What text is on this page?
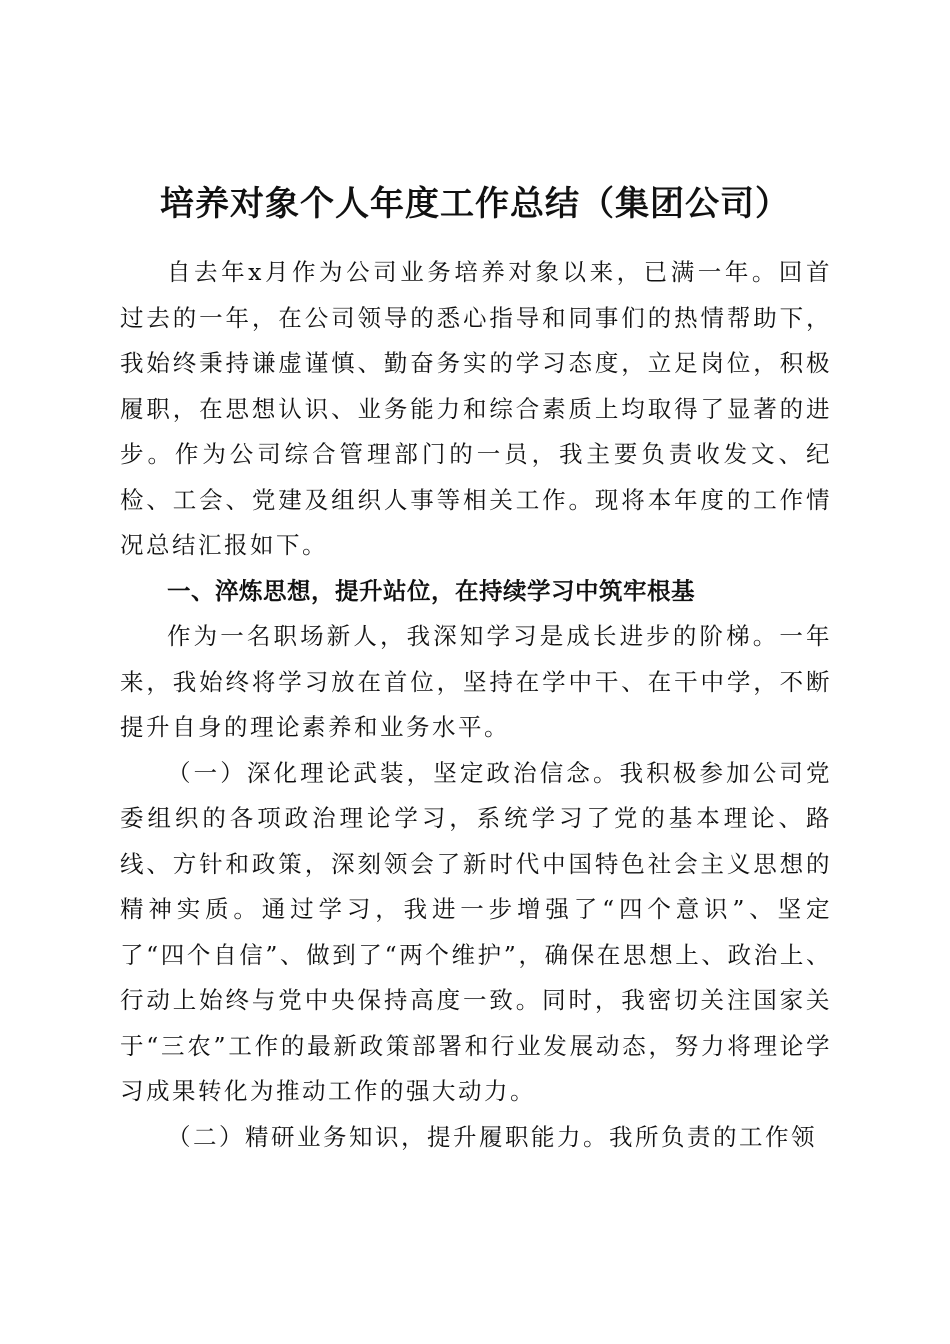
培养对象个人年度工作总结（集团公司）

自去年x月作为公司业务培养对象以来，已满一年。回首过去的一年，在公司领导的悉心指导和同事们的热情帮助下，我始终秉持谦虚谨慎、勤奋务实的学习态度，立足岗位，积极履职，在思想认识、业务能力和综合素质上均取得了显著的进步。作为公司综合管理部门的一员，我主要负责收发文、纪检、工会、党建及组织人事等相关工作。现将本年度的工作情况总结汇报如下。

一、淬炼思想，提升站位，在持续学习中筑牢根基

作为一名职场新人，我深知学习是成长进步的阶梯。一年来，我始终将学习放在首位，坚持在学中干、在干中学，不断提升自身的理论素养和业务水平。

（一）深化理论武装，坚定政治信念。我积极参加公司党委组织的各项政治理论学习，系统学习了党的基本理论、路线、方针和政策，深刻领会了新时代中国特色社会主义思想的精神实质。通过学习，我进一步增强了“四个意识”、坚定了“四个自信”、做到了“两个维护”，确保在思想上、政治上、行动上始终与党中央保持高度一致。同时，我密切关注国家关于“三农”工作的最新政策部署和行业发展动态，努力将理论学习成果转化为推动工作的强大动力。

（二）精研业务知识，提升履职能力。我所负责的工作领
